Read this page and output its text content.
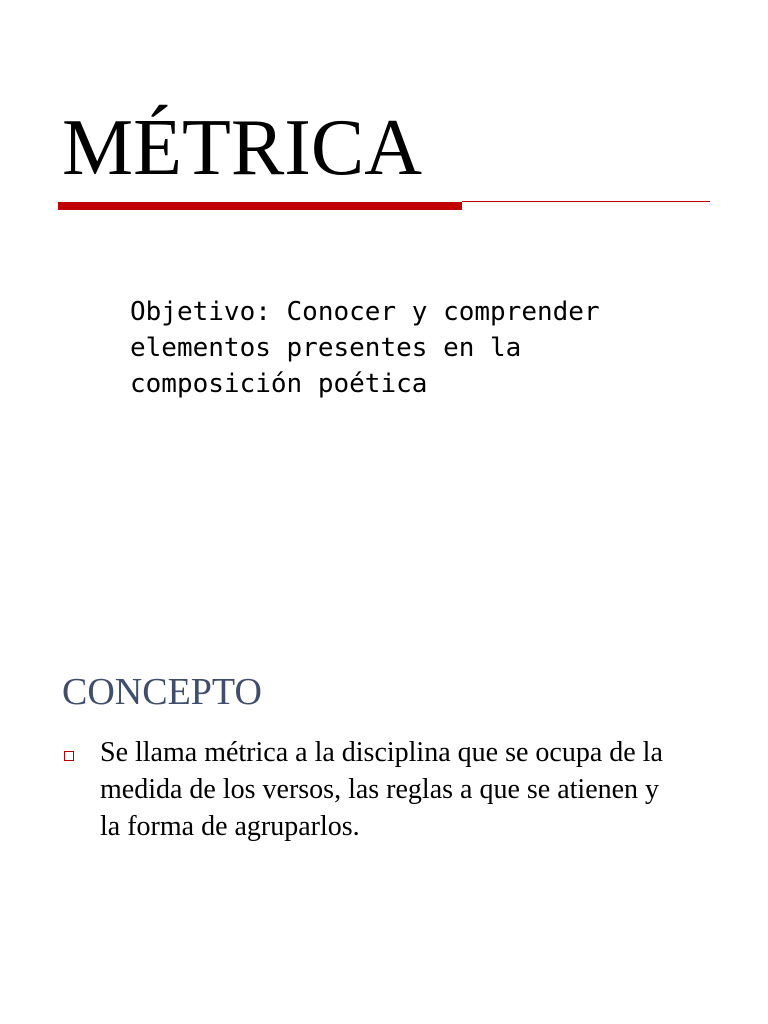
MÉTRICA

Objetivo: Conocer y comprender
elementos presentes en la
composición poética

CONCEPTO
Se llama métrica a la disciplina que se ocupa de la
medida de los versos, las reglas a que se atienen y
la forma de agruparlos.
